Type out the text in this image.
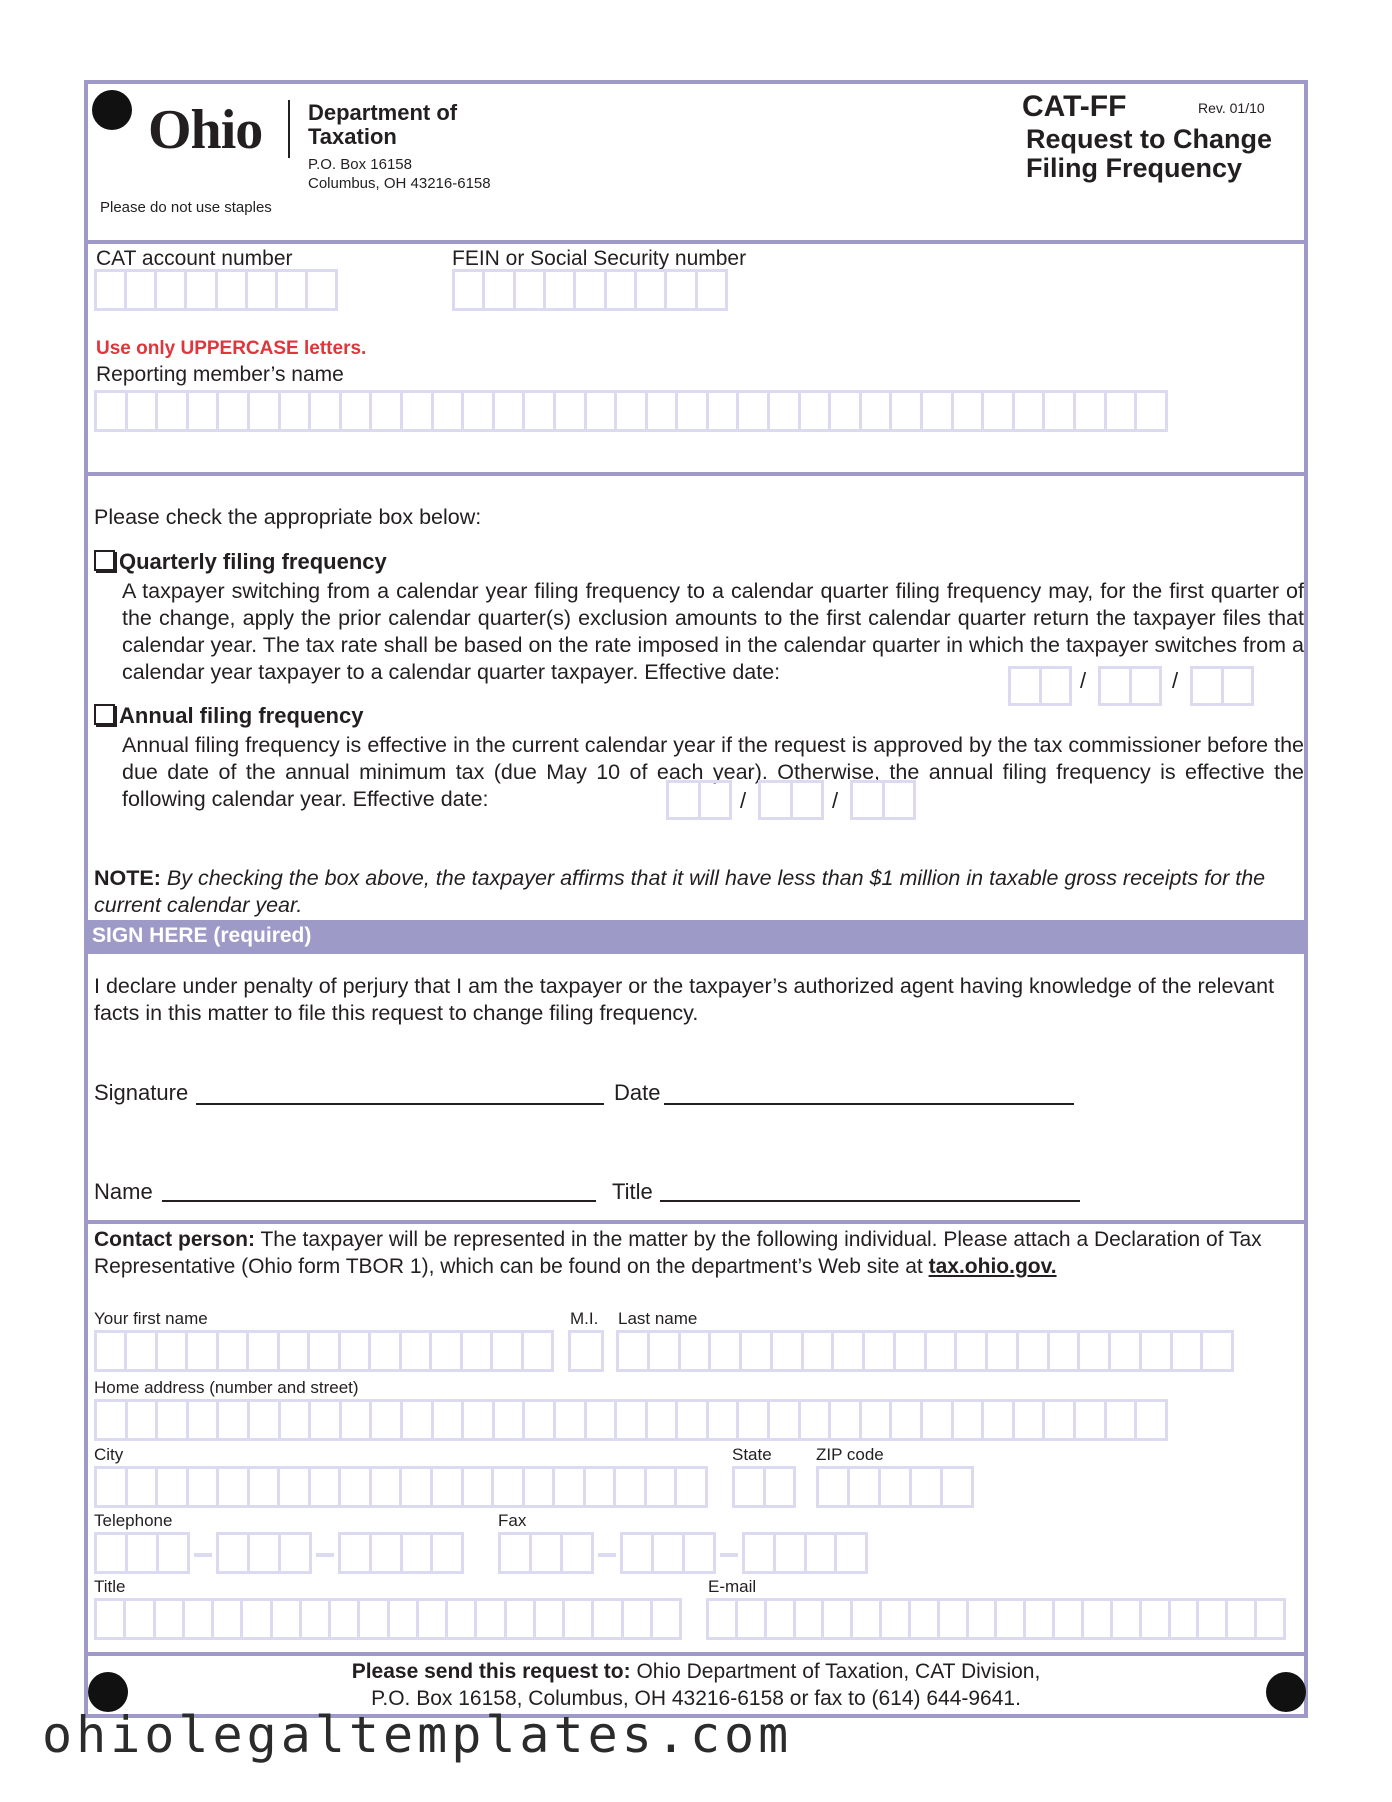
Ohio Department of
Taxation
P.O. Box 16158
Columbus, OH 43216-6158
Please do not use staples
CAT-FF	Rev. 01/10
Request to Change
Filing Frequency
CAT account number	FEIN or Social Security number
Use only UPPERCASE letters.
Reporting member’s name
Please check the appropriate box below:
Quarterly filing frequency
A taxpayer switching from a calendar year filing frequency to a calendar quarter filing frequency may, for the first quarter of the change, apply the prior calendar quarter(s) exclusion amounts to the first calendar quarter return the taxpayer files that calendar year. The tax rate shall be based on the rate imposed in the calendar quarter in which the taxpayer switches from a calendar year taxpayer to a calendar quarter taxpayer. Effective date:	/	/
Annual filing frequency
Annual filing frequency is effective in the current calendar year if the request is approved by the tax commissioner before the due date of the annual minimum tax (due May 10 of each year). Otherwise, the annual filing frequency is effective the following calendar year. Effective date:	/	/
NOTE: By checking the box above, the taxpayer affirms that it will have less than $1 million in taxable gross receipts for the current calendar year.
SIGN HERE (required)
I declare under penalty of perjury that I am the taxpayer or the taxpayer’s authorized agent having knowledge of the relevant facts in this matter to file this request to change filing frequency.
Signature	Date
Name	Title
Contact person: The taxpayer will be represented in the matter by the following individual. Please attach a Declaration of Tax Representative (Ohio form TBOR 1), which can be found on the department’s Web site at tax.ohio.gov.
Your first name	M.I. Last name
Home address (number and street)
City	State	ZIP code
Telephone	Fax
Title	E-mail
Please send this request to: Ohio Department of Taxation, CAT Division,
P.O. Box 16158, Columbus, OH 43216-6158 or fax to (614) 644-9641.
ohiolegaltemplates.com
